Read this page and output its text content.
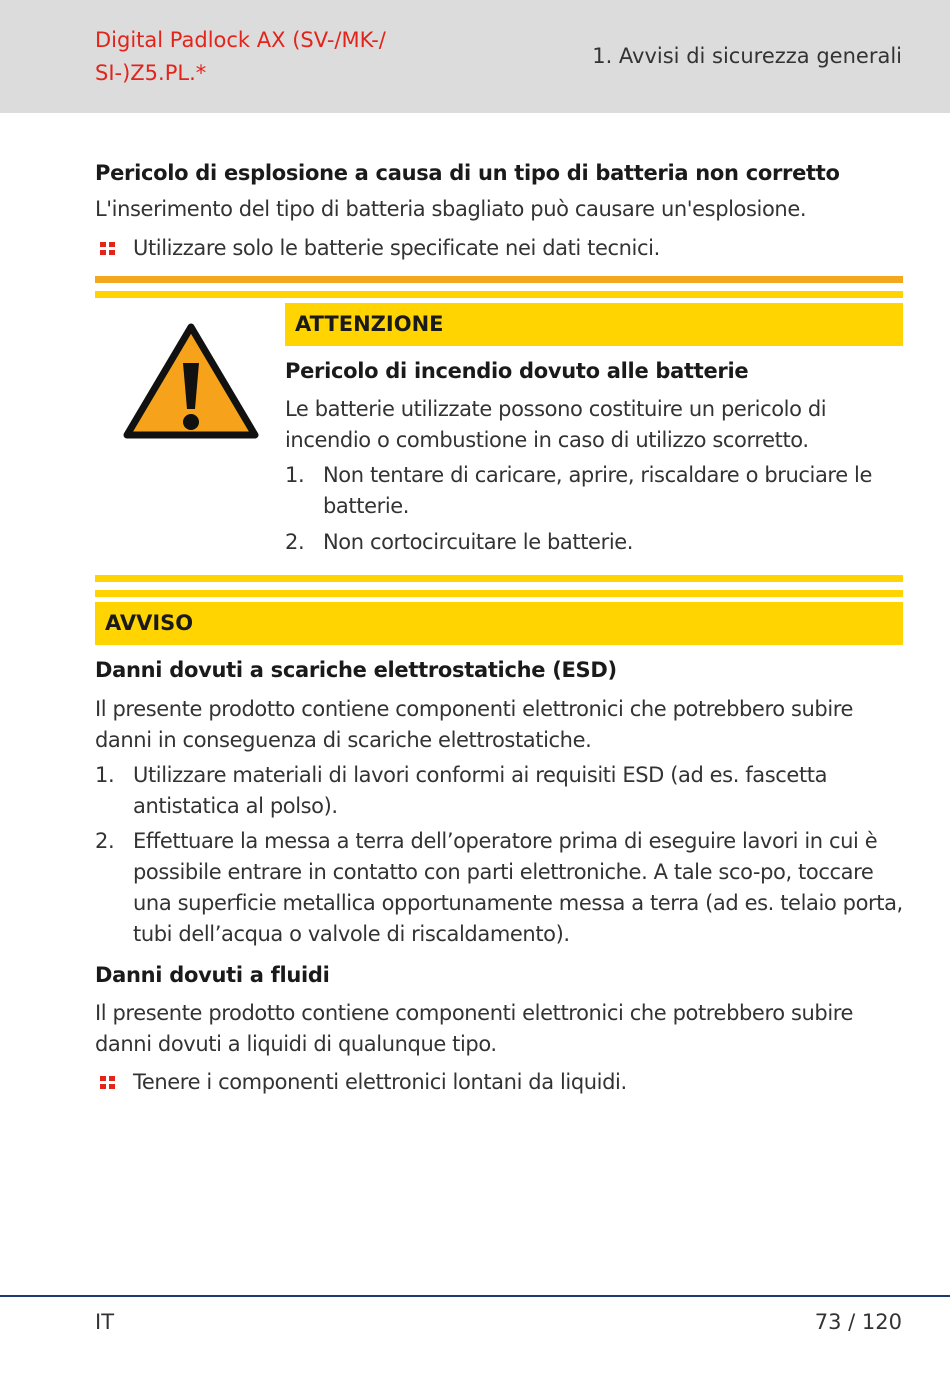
Digital Padlock AX (SV-/MK-/ SI-)Z5.PL.*
1. Avvisi di sicurezza generali
Pericolo di esplosione a causa di un tipo di batteria non corretto

L'inserimento del tipo di batteria sbagliato può causare un'esplosione.

Utilizzare solo le batterie specificate nei dati tecnici.
ATTENZIONE
Pericolo di incendio dovuto alle batterie

Le batterie utilizzate possono costituire un pericolo di incendio o combustione in caso di utilizzo scorretto.

1. Non tentare di caricare, aprire, riscaldare o bruciare le batterie.
2. Non cortocircuitare le batterie.
AVVISO
Danni dovuti a scariche elettrostatiche (ESD)

Il presente prodotto contiene componenti elettronici che potrebbero subire danni in conseguenza di scariche elettrostatiche.

1. Utilizzare materiali di lavori conformi ai requisiti ESD (ad es. fascetta antistatica al polso).
2. Effettuare la messa a terra dell’operatore prima di eseguire lavori in cui è possibile entrare in contatto con parti elettroniche. A tale sco-po, toccare una superficie metallica opportunamente messa a terra (ad es. telaio porta, tubi dell’acqua o valvole di riscaldamento).
Danni dovuti a fluidi

Il presente prodotto contiene componenti elettronici che potrebbero subire danni dovuti a liquidi di qualunque tipo.

Tenere i componenti elettronici lontani da liquidi.
IT	73 / 120
